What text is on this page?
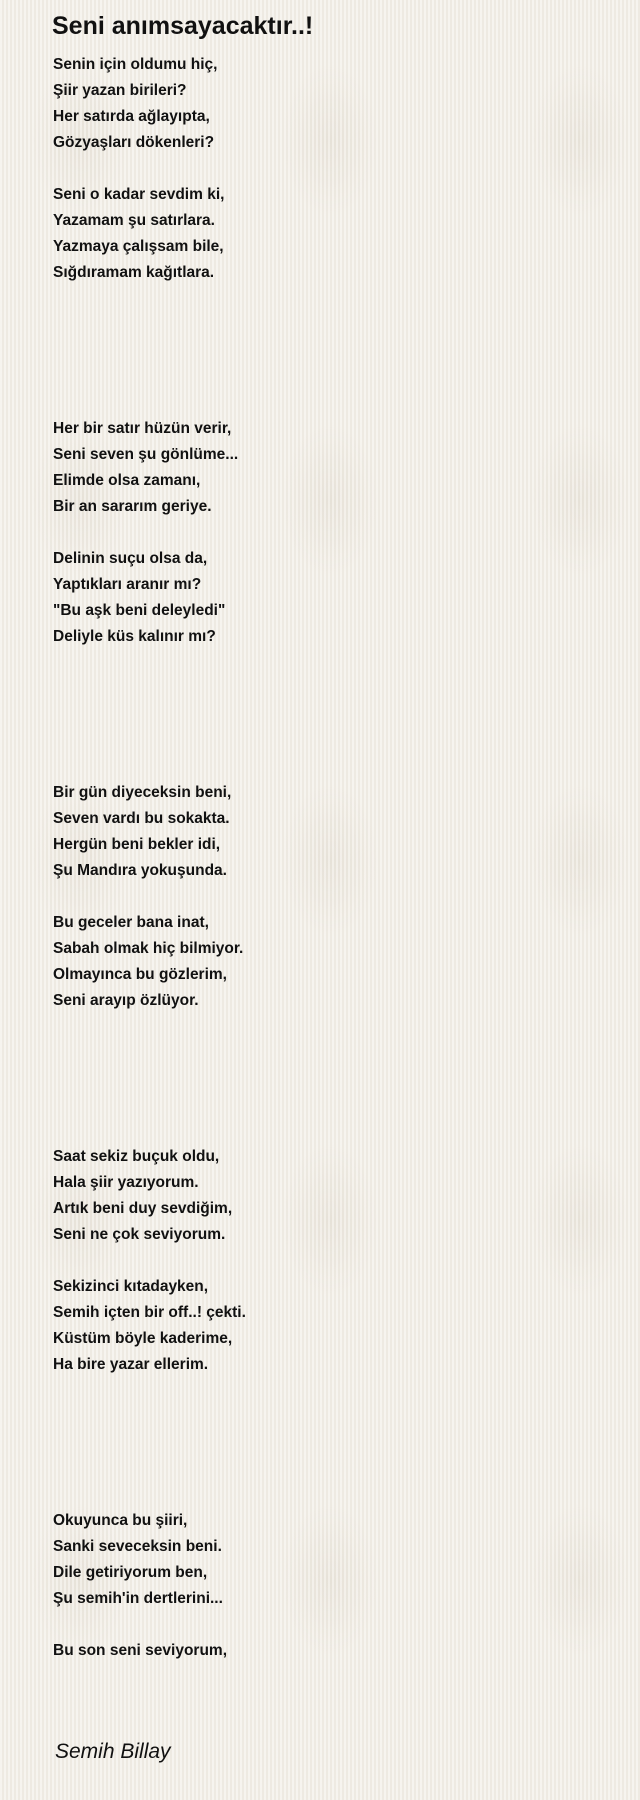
Seni anımsayacaktır..!

Senin için oldumu hiç,
Şiir yazan birileri?
Her satırda ağlayıpta,
Gözyaşları dökenleri?

Seni o kadar sevdim ki,
Yazamam şu satırlara.
Yazmaya çalışsam bile,
Sığdıramam kağıtlara.

Her bir satır hüzün verir,
Seni seven şu gönlüme...
Elimde olsa zamanı,
Bir an sararım geriye.

Delinin suçu olsa da,
Yaptıkları aranır mı?
"Bu aşk beni deleyledi"
Deliyle küs kalınır mı?

Bir gün diyeceksin beni,
Seven vardı bu sokakta.
Hergün beni bekler idi,
Şu Mandıra yokuşunda.

Bu geceler bana inat,
Sabah olmak hiç bilmiyor.
Olmayınca bu gözlerim,
Seni arayıp özlüyor.

Saat sekiz buçuk oldu,
Hala şiir yazıyorum.
Artık beni duy sevdiğim,
Seni ne çok seviyorum.

Sekizinci kıtadayken,
Semih içten bir off..! çekti.
Küstüm böyle kaderime,
Ha bire yazar ellerim.

Okuyunca bu şiiri,
Sanki seveceksin beni.
Dile getiriyorum ben,
Şu semih'in dertlerini...

Bu son seni seviyorum,

Semih Billay
